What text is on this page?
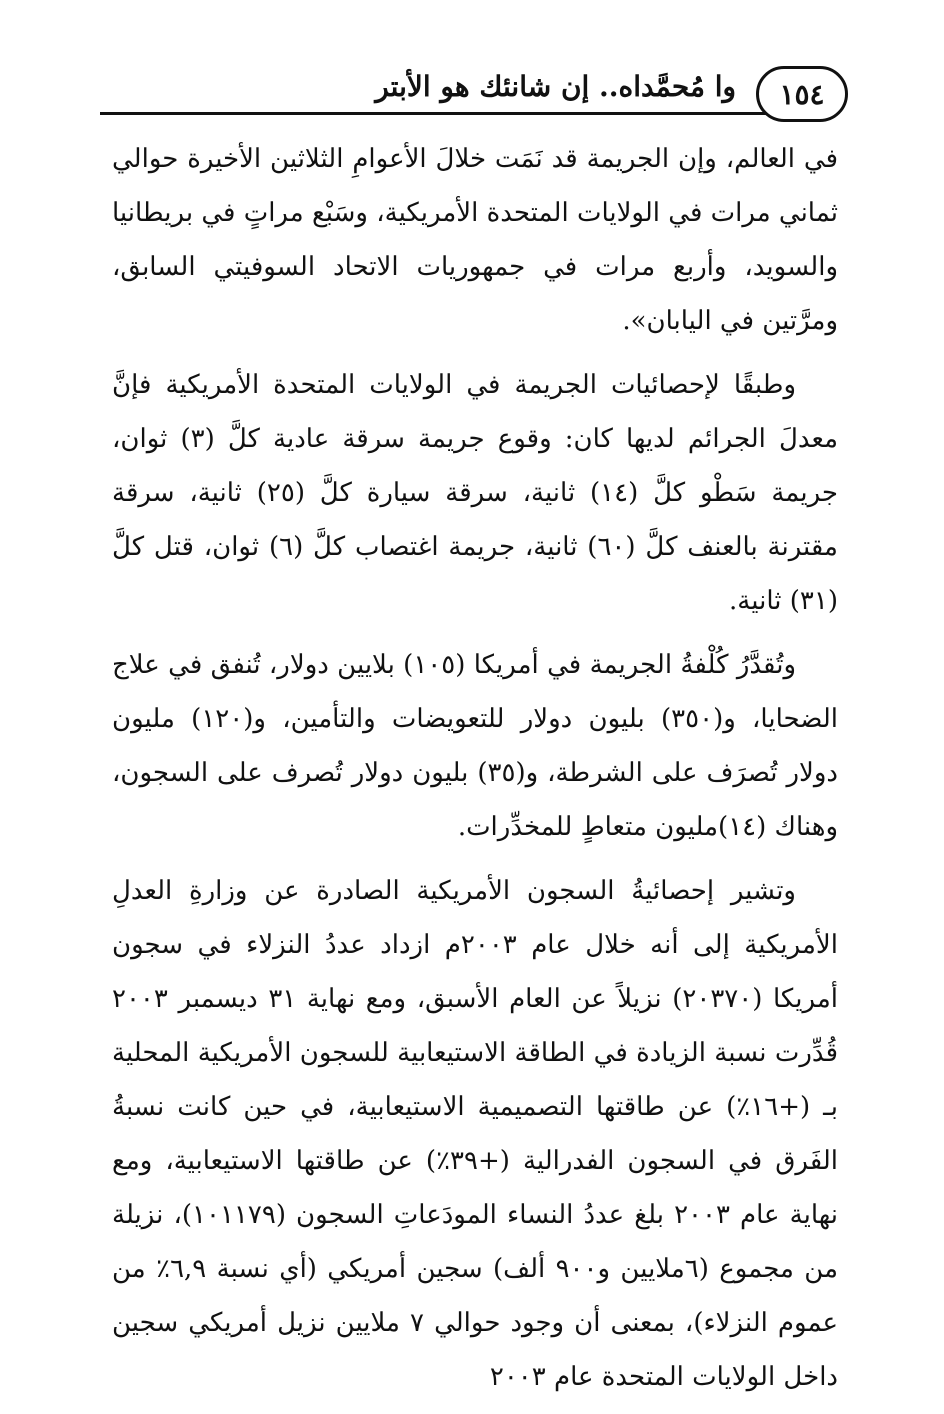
١٥٤
وا مُحمَّداه.. إن شانئك هو الأبتر

في العالم، وإن الجريمة قد نَمَت خلالَ الأعوامِ الثلاثين الأخيرة حوالي ثماني مرات في الولايات المتحدة الأمريكية، وسَبْع مراتٍ في بريطانيا والسويد، وأربع مرات في جمهوريات الاتحاد السوفيتي السابق، ومرَّتين في اليابان».

وطبقًا لإحصائيات الجريمة في الولايات المتحدة الأمريكية فإنَّ معدلَ الجرائم لديها كان: وقوع جريمة سرقة عادية كلَّ (٣) ثوان، جريمة سَطْو كلَّ (١٤) ثانية، سرقة سيارة كلَّ (٢٥) ثانية، سرقة مقترنة بالعنف كلَّ (٦٠) ثانية، جريمة اغتصاب كلَّ (٦) ثوان، قتل كلَّ (٣١) ثانية.

وتُقدَّرُ كُلْفةُ الجريمة في أمريكا (١٠٥) بلايين دولار، تُنفق في علاج الضحايا، و(٣٥٠) بليون دولار للتعويضات والتأمين، و(١٢٠) مليون دولار تُصرَف على الشرطة، و(٣٥) بليون دولار تُصرف على السجون، وهناك (١٤)مليون متعاطٍ للمخدِّرات.

وتشير إحصائيةُ السجون الأمريكية الصادرة عن وزارةِ العدلِ الأمريكية إلى أنه خلال عام ٢٠٠٣م ازداد عددُ النزلاء في سجون أمريكا (٢٠٣٧٠) نزيلاً عن العام الأسبق، ومع نهاية ٣١ ديسمبر ٢٠٠٣ قُدِّرت نسبة الزيادة في الطاقة الاستيعابية للسجون الأمريكية المحلية بـ (+١٦٪) عن طاقتها التصميمية الاستيعابية، في حين كانت نسبةُ الفَرق في السجون الفدرالية (+٣٩٪) عن طاقتها الاستيعابية، ومع نهاية عام ٢٠٠٣ بلغ عددُ النساء المودَعاتِ السجون (١٠١١٧٩)، نزيلة من مجموع (٦ملايين و٩٠٠ ألف) سجين أمريكي (أي نسبة ٦,٩٪ من عموم النزلاء)، بمعنى أن وجود حوالي ٧ ملايين نزيل أمريكي سجين داخل الولايات المتحدة عام ٢٠٠٣
